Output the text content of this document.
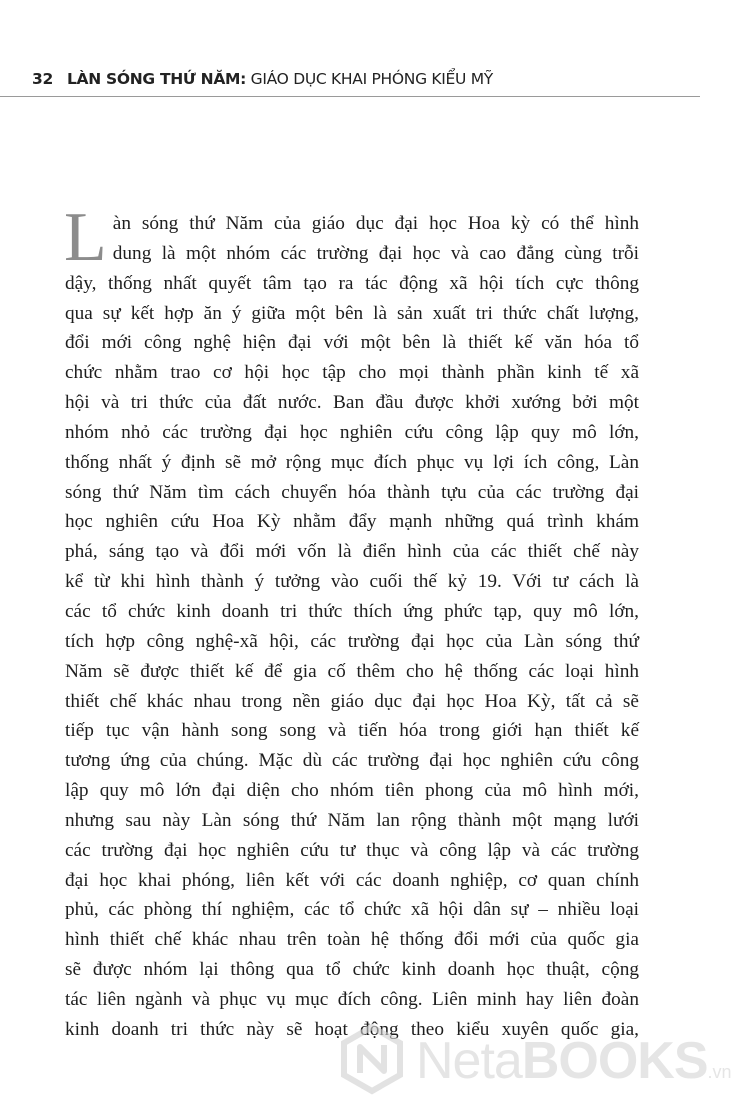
32 LÀN SÓNG THỨ NĂM: GIÁO DỤC KHAI PHÓNG KIỂU MỸ
L àn sóng thứ Năm của giáo dục đại học Hoa kỳ có thể hình

dung là một nhóm các trường đại học và cao đẳng cùng trỗi

dậy, thống nhất quyết tâm tạo ra tác động xã hội tích cực thông

qua sự kết hợp ăn ý giữa một bên là sản xuất tri thức chất lượng,

đổi mới công nghệ hiện đại với một bên là thiết kế văn hóa tổ

chức nhằm trao cơ hội học tập cho mọi thành phần kinh tế xã

hội và tri thức của đất nước. Ban đầu được khởi xướng bởi một

nhóm nhỏ các trường đại học nghiên cứu công lập quy mô lớn,

thống nhất ý định sẽ mở rộng mục đích phục vụ lợi ích công, Làn

sóng thứ Năm tìm cách chuyển hóa thành tựu của các trường đại

học nghiên cứu Hoa Kỳ nhằm đẩy mạnh những quá trình khám

phá, sáng tạo và đổi mới vốn là điển hình của các thiết chế này

kể từ khi hình thành ý tưởng vào cuối thế kỷ 19. Với tư cách là

các tổ chức kinh doanh tri thức thích ứng phức tạp, quy mô lớn,

tích hợp công nghệ-xã hội, các trường đại học của Làn sóng thứ

Năm sẽ được thiết kế để gia cố thêm cho hệ thống các loại hình

thiết chế khác nhau trong nền giáo dục đại học Hoa Kỳ, tất cả sẽ

tiếp tục vận hành song song và tiến hóa trong giới hạn thiết kế

tương ứng của chúng. Mặc dù các trường đại học nghiên cứu công

lập quy mô lớn đại diện cho nhóm tiên phong của mô hình mới,

nhưng sau này Làn sóng thứ Năm lan rộng thành một mạng lưới

các trường đại học nghiên cứu tư thục và công lập và các trường

đại học khai phóng, liên kết với các doanh nghiệp, cơ quan chính

phủ, các phòng thí nghiệm, các tổ chức xã hội dân sự – nhiều loại

hình thiết chế khác nhau trên toàn hệ thống đổi mới của quốc gia

sẽ được nhóm lại thông qua tổ chức kinh doanh học thuật, cộng

tác liên ngành và phục vụ mục đích công. Liên minh hay liên đoàn

kinh doanh tri thức này sẽ hoạt động theo kiểu xuyên quốc gia,

NetaBOOKS.vn
